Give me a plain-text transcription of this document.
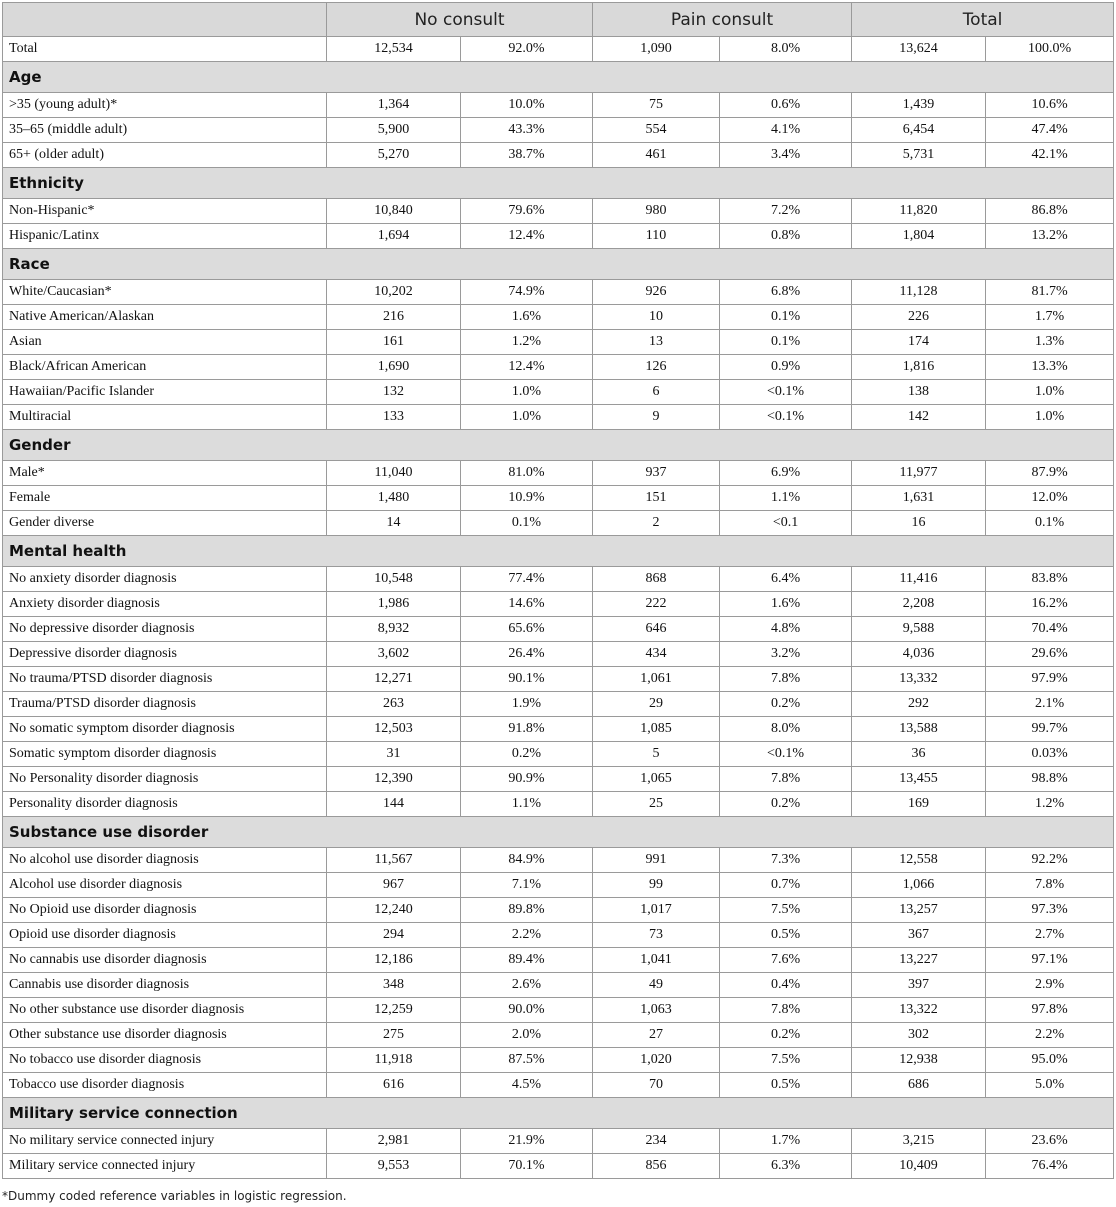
	No consult		Pain consult		Total	
Total	12,534	92.0%	1,090	8.0%	13,624	100.0%
Age						
>35 (young adult)*	1,364	10.0%	75	0.6%	1,439	10.6%
35–65 (middle adult)	5,900	43.3%	554	4.1%	6,454	47.4%
65+ (older adult)	5,270	38.7%	461	3.4%	5,731	42.1%
Ethnicity						
Non-Hispanic*	10,840	79.6%	980	7.2%	11,820	86.8%
Hispanic/Latinx	1,694	12.4%	110	0.8%	1,804	13.2%
Race						
White/Caucasian*	10,202	74.9%	926	6.8%	11,128	81.7%
Native American/Alaskan	216	1.6%	10	0.1%	226	1.7%
Asian	161	1.2%	13	0.1%	174	1.3%
Black/African American	1,690	12.4%	126	0.9%	1,816	13.3%
Hawaiian/Pacific Islander	132	1.0%	6	<0.1%	138	1.0%
Multiracial	133	1.0%	9	<0.1%	142	1.0%
Gender						
Male*	11,040	81.0%	937	6.9%	11,977	87.9%
Female	1,480	10.9%	151	1.1%	1,631	12.0%
Gender diverse	14	0.1%	2	<0.1	16	0.1%
Mental health						
No anxiety disorder diagnosis	10,548	77.4%	868	6.4%	11,416	83.8%
Anxiety disorder diagnosis	1,986	14.6%	222	1.6%	2,208	16.2%
No depressive disorder diagnosis	8,932	65.6%	646	4.8%	9,588	70.4%
Depressive disorder diagnosis	3,602	26.4%	434	3.2%	4,036	29.6%
No trauma/PTSD disorder diagnosis	12,271	90.1%	1,061	7.8%	13,332	97.9%
Trauma/PTSD disorder diagnosis	263	1.9%	29	0.2%	292	2.1%
No somatic symptom disorder diagnosis	12,503	91.8%	1,085	8.0%	13,588	99.7%
Somatic symptom disorder diagnosis	31	0.2%	5	<0.1%	36	0.03%
No Personality disorder diagnosis	12,390	90.9%	1,065	7.8%	13,455	98.8%
Personality disorder diagnosis	144	1.1%	25	0.2%	169	1.2%
Substance use disorder						
No alcohol use disorder diagnosis	11,567	84.9%	991	7.3%	12,558	92.2%
Alcohol use disorder diagnosis	967	7.1%	99	0.7%	1,066	7.8%
No Opioid use disorder diagnosis	12,240	89.8%	1,017	7.5%	13,257	97.3%
Opioid use disorder diagnosis	294	2.2%	73	0.5%	367	2.7%
No cannabis use disorder diagnosis	12,186	89.4%	1,041	7.6%	13,227	97.1%
Cannabis use disorder diagnosis	348	2.6%	49	0.4%	397	2.9%
No other substance use disorder diagnosis	12,259	90.0%	1,063	7.8%	13,322	97.8%
Other substance use disorder diagnosis	275	2.0%	27	0.2%	302	2.2%
No tobacco use disorder diagnosis	11,918	87.5%	1,020	7.5%	12,938	95.0%
Tobacco use disorder diagnosis	616	4.5%	70	0.5%	686	5.0%
Military service connection						
No military service connected injury	2,981	21.9%	234	1.7%	3,215	23.6%
Military service connected injury	9,553	70.1%	856	6.3%	10,409	76.4%
*Dummy coded reference variables in logistic regression.
